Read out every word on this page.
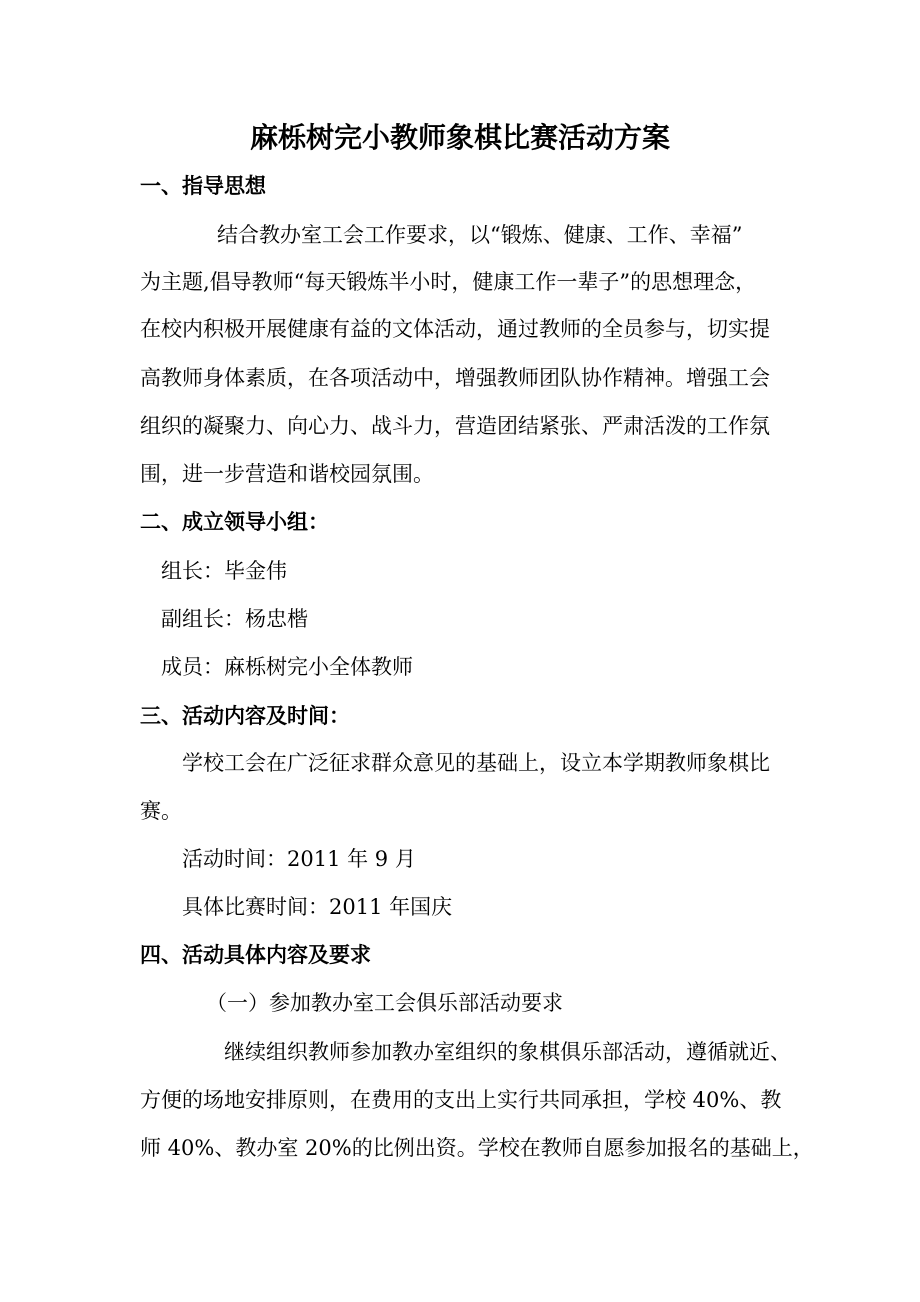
麻栎树完小教师象棋比赛活动方案
一、指导思想
结合教办室工会工作要求，以“锻炼、健康、工作、幸福”
为主题,倡导教师“每天锻炼半小时，健康工作一辈子”的思想理念，
在校内积极开展健康有益的文体活动，通过教师的全员参与，切实提
高教师身体素质，在各项活动中，增强教师团队协作精神。增强工会
组织的凝聚力、向心力、战斗力，营造团结紧张、严肃活泼的工作氛
围，进一步营造和谐校园氛围。
二、成立领导小组：
组长：毕金伟
副组长：杨忠楷
成员：麻栎树完小全体教师
三、活动内容及时间：
学校工会在广泛征求群众意见的基础上，设立本学期教师象棋比
赛。
活动时间：2011 年 9 月
具体比赛时间：2011 年国庆
四、活动具体内容及要求
（一）参加教办室工会俱乐部活动要求
继续组织教师参加教办室组织的象棋俱乐部活动，遵循就近、
方便的场地安排原则，在费用的支出上实行共同承担，学校 40%、教
师 40%、教办室 20%的比例出资。学校在教师自愿参加报名的基础上，
